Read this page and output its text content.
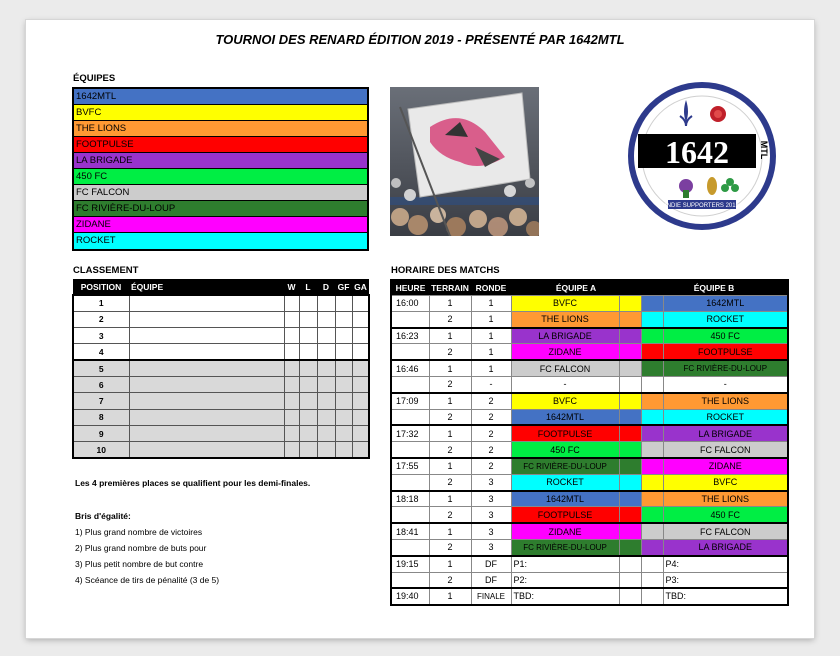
TOURNOI DES RENARD ÉDITION 2019 - PRÉSENTÉ PAR 1642MTL
ÉQUIPES
1642MTL
BVFC
THE LIONS
FOOTPULSE
LA BRIGADE
450 FC
FC FALCON
FC RIVIÈRE-DU-LOUP
ZIDANE
ROCKET
1642	MTL
INDIE SUPPORTERS 2016
CLASSEMENT
POSITION	ÉQUIPE	W	L	D	GF	GA
1						
2						
3						
4						
5						
6						
7						
8						
9						
10						
Les 4 premières places se qualifient pour les demi-finales.
Bris d'égalité:
1) Plus grand nombre de victoires
2) Plus grand nombre de buts pour
3) Plus petit nombre de but contre
4) Scéance de tirs de pénalité (3 de 5)
HORAIRE DES MATCHS
HEURE	TERRAIN	RONDE	ÉQUIPE A		ÉQUIPE B	
16:00	1	1	BVFC			1642MTL
	2	1	THE LIONS			ROCKET
16:23	1	1	LA BRIGADE			450 FC
	2	1	ZIDANE			FOOTPULSE
16:46	1	1	FC FALCON			FC RIVIÈRE-DU-LOUP
	2	-	-			-
17:09	1	2	BVFC			THE LIONS
	2	2	1642MTL			ROCKET
17:32	1	2	FOOTPULSE			LA BRIGADE
	2	2	450 FC			FC FALCON
17:55	1	2	FC RIVIÈRE-DU-LOUP			ZIDANE
	2	3	ROCKET			BVFC
18:18	1	3	1642MTL			THE LIONS
	2	3	FOOTPULSE			450 FC
18:41	1	3	ZIDANE			FC FALCON
	2	3	FC RIVIÈRE-DU-LOUP			LA BRIGADE
19:15	1	DF	P1:			P4:
	2	DF	P2:			P3:
19:40	1	FINALE	TBD:			TBD:
